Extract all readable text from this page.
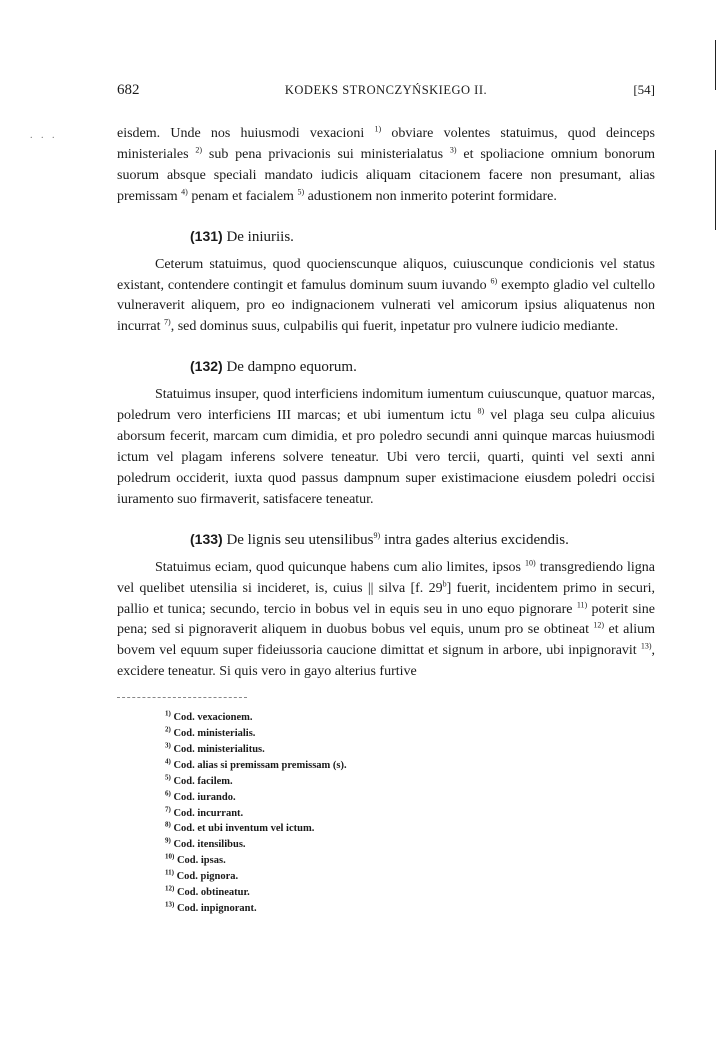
. . .
682	KODEKS STRONCZYŃSKIEGO II.	[54]

eisdem. Unde nos huiusmodi vexacioni $^{1)}$ obviare volentes statuimus, quod deinceps ministeriales $^{2)}$ sub pena privacionis sui ministerialatus $^{3)}$ et spoliacione omnium bonorum suorum absque speciali mandato iudicis aliquam citacionem facere non presumant, alias premissam $^{4)}$ penam et facialem $^{5)}$ adustionem non inmerito poterint formidare.

(131) De iniuriis.

Ceterum statuimus, quod quocienscunque aliquos, cuiuscunque condicionis vel status existant, contendere contingit et famulus dominum suum iuvando $^{6)}$ exempto gladio vel cultello vulneraverit aliquem, pro eo indignacionem vulnerati vel amicorum ipsius aliquatenus non incurrat $^{7)}$, sed dominus suus, culpabilis qui fuerit, inpetatur pro vulnere iudicio mediante.

(132) De dampno equorum.

Statuimus insuper, quod interficiens indomitum iumentum cuiuscunque, quatuor marcas, poledrum vero interficiens III marcas; et ubi iumentum ictu $^{8)}$ vel plaga seu culpa alicuius aborsum fecerit, marcam cum dimidia, et pro poledro secundi anni quinque marcas huiusmodi ictum vel plagam inferens solvere teneatur. Ubi vero tercii, quarti, quinti vel sexti anni poledrum occiderit, iuxta quod passus dampnum super existimacione eiusdem poledri occisi iuramento suo firmaverit, satisfacere teneatur.

(133) De lignis seu utensilibus$^{9)}$ intra gades alterius excidendis.

Statuimus eciam, quod quicunque habens cum alio limites, ipsos $^{10)}$ transgrediendo ligna vel quelibet utensilia si incideret, is, cuius || silva [f. 29$^b$] fuerit, incidentem primo in securi, pallio et tunica; secundo, tercio in bobus vel in equis seu in uno equo pignorare $^{11)}$ poterit sine pena; sed si pignoraverit aliquem in duobus bobus vel equis, unum pro se obtineat $^{12)}$ et alium bovem vel equum super fideiussoria caucione dimittat et signum in arbore, ubi inpignoravit $^{13)}$, excidere teneatur. Si quis vero in gayo alterius furtive

$^{1)}$ Cod. vexacionem.
$^{2)}$ Cod. ministerialis.
$^{3)}$ Cod. ministerialitus.
$^{4)}$ Cod. alias si premissam premissam (s).
$^{5)}$ Cod. facilem.
$^{6)}$ Cod. iurando.
$^{7)}$ Cod. incurrant.
$^{8)}$ Cod. et ubi inventum vel ictum.
$^{9)}$ Cod. itensilibus.
$^{10)}$ Cod. ipsas.
$^{11)}$ Cod. pignora.
$^{12)}$ Cod. obtineatur.
$^{13)}$ Cod. inpignorant.
